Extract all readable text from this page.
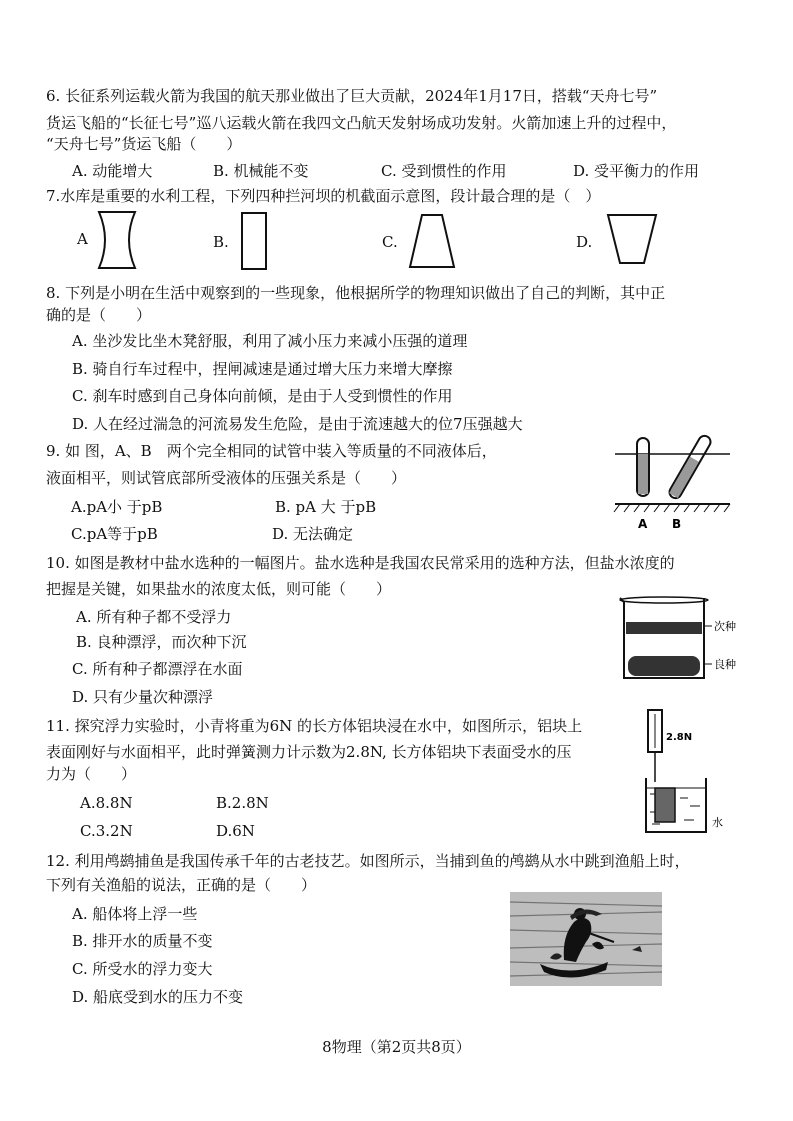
6. 长征系列运载火箭为我国的航天那业做出了巨大贡献，2024年1月17日，搭载“天舟七号”
货运飞船的“长征七号”巡八运载火箭在我四文凸航天发射场成功发射。火箭加速上升的过程中，
“天舟七号”货运飞船（　　）
A. 动能增大	B. 机械能不变	C. 受到惯性的作用	D. 受平衡力的作用
7.水库是重要的水利工程，下列四种拦河坝的机截面示意图，段计最合理的是（　）
A	B.	C.	D.
8. 下列是小明在生活中观察到的一些现象，他根据所学的物理知识做出了自己的判断，其中正
确的是（　　）
A. 坐沙发比坐木凳舒服，利用了减小压力来减小压强的道理
B. 骑自行车过程中，捏闸减速是通过增大压力来增大摩擦
C. 刹车时感到自己身体向前倾，是由于人受到惯性的作用
D. 人在经过湍急的河流易发生危险，是由于流速越大的位7压强越大
9. 如 图，A、B　两个完全相同的试管中装入等质量的不同液体后，
液面相平，则试管底部所受液体的压强关系是（　　）
A.pA小 于pB	B. pA 大 于pB
C.pA等于pB	D. 无法确定
A B
10. 如图是教材中盐水选种的一幅图片。盐水选种是我国农民常采用的选种方法，但盐水浓度的
把握是关键，如果盐水的浓度太低，则可能（　　）
A. 所有种子都不受浮力
B. 良种漂浮，而次种下沉
C. 所有种子都漂浮在水面
D. 只有少量次种漂浮
次种
良种
11. 探究浮力实验时，小青将重为6N 的长方体铝块浸在水中，如图所示，铝块上
表面刚好与水面相平，此时弹簧测力计示数为2.8N, 长方体铝块下表面受水的压
力为（　　）
A.8.8N	B.2.8N
C.3.2N	D.6N
2.8N
水
12. 利用鸬鹚捕鱼是我国传承千年的古老技艺。如图所示，当捕到鱼的鸬鹚从水中跳到渔船上时，
下列有关渔船的说法，正确的是（　　）
A. 船体将上浮一些
B. 排开水的质量不变
C. 所受水的浮力变大
D. 船底受到水的压力不变
8物理（第2页共8页）
